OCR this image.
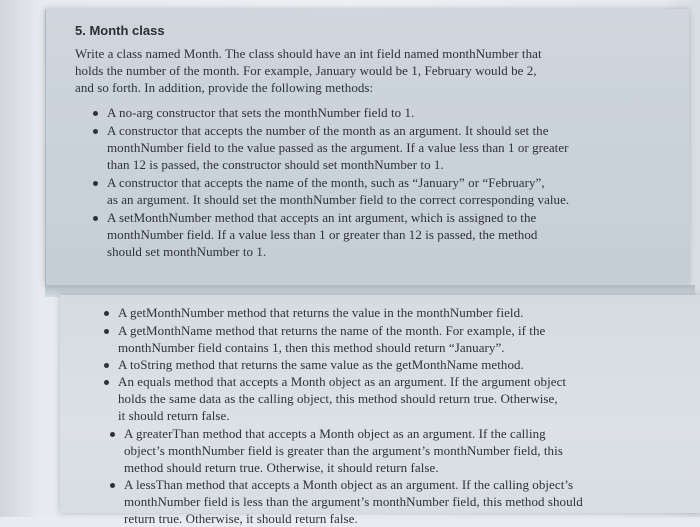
5. Month class

Write a class named Month. The class should have an int field named monthNumber that

holds the number of the month. For example, January would be 1, February would be 2,

and so forth. In addition, provide the following methods:

A no-arg constructor that sets the monthNumber field to 1.

A constructor that accepts the number of the month as an argument. It should set the

monthNumber field to the value passed as the argument. If a value less than 1 or greater

than 12 is passed, the constructor should set monthNumber to 1.

A constructor that accepts the name of the month, such as “January” or “February”,

as an argument. It should set the monthNumber field to the correct corresponding value.

A setMonthNumber method that accepts an int argument, which is assigned to the

monthNumber field. If a value less than 1 or greater than 12 is passed, the method

should set monthNumber to 1.

A getMonthNumber method that returns the value in the monthNumber field.

A getMonthName method that returns the name of the month. For example, if the

monthNumber field contains 1, then this method should return “January”.

A toString method that returns the same value as the getMonthName method.

An equals method that accepts a Month object as an argument. If the argument object

holds the same data as the calling object, this method should return true. Otherwise,

it should return false.

A greaterThan method that accepts a Month object as an argument. If the calling

object’s monthNumber field is greater than the argument’s monthNumber field, this

method should return true. Otherwise, it should return false.

A lessThan method that accepts a Month object as an argument. If the calling object’s

monthNumber field is less than the argument’s monthNumber field, this method should

return true. Otherwise, it should return false.
